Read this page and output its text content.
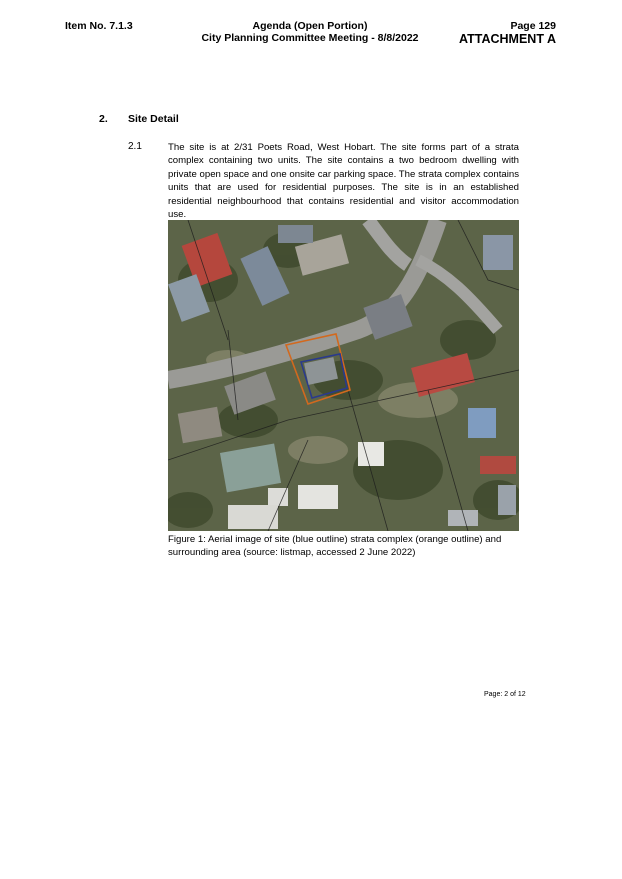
Item No. 7.1.3	Agenda (Open Portion)
City Planning Committee Meeting - 8/8/2022
Page 129
ATTACHMENT A
2. Site Detail
2.1	The site is at 2/31 Poets Road, West Hobart. The site forms part of a strata complex containing two units. The site contains a two bedroom dwelling with private open space and one onsite car parking space. The strata complex contains units that are used for residential purposes. The site is in an established residential neighbourhood that contains residential and visitor accommodation use.
Figure 1: Aerial image of site (blue outline) strata complex (orange outline) and surrounding area (source: listmap, accessed 2 June 2022)
Page: 2 of 12
